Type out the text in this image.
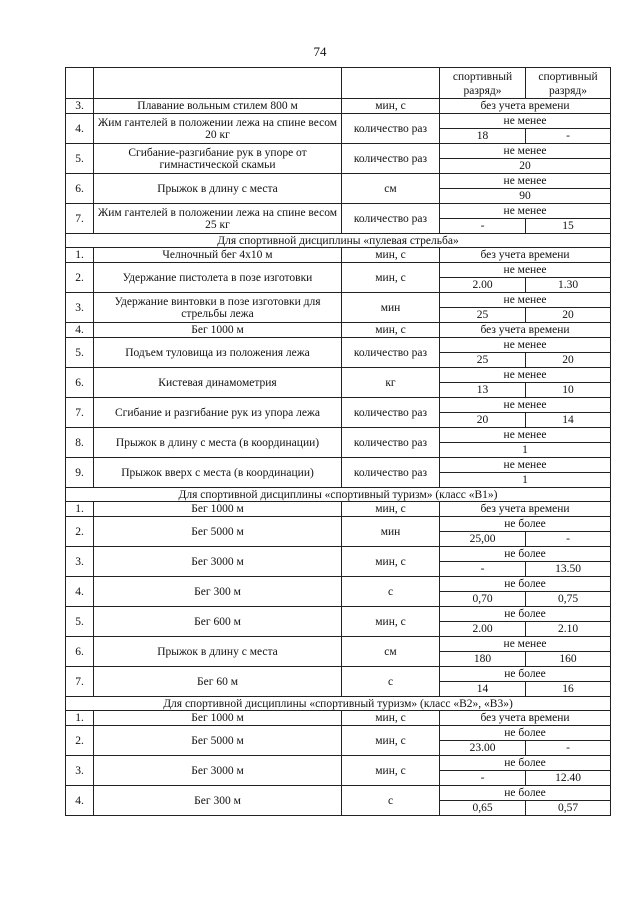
74
			спортивный разряд»	спортивный разряд»
3.	Плавание вольным стилем 800 м	мин, с	без учета времени	
4.	Жим гантелей в положении лежа на спине весом 20 кг	количество раз	не менее	
			18	-
5.	Сгибание-разгибание рук в упоре от гимнастической скамьи	количество раз	не менее	
			20	
6.	Прыжок в длину с места	см	не менее	
			90	
7.	Жим гантелей в положении лежа на спине весом 25 кг	количество раз	не менее	
			-	15
Для спортивной дисциплины «пулевая стрельба»				
1.	Челночный бег 4x10 м	мин, с	без учета времени	
2.	Удержание пистолета в позе изготовки	мин, с	не менее	
			2.00	1.30
3.	Удержание винтовки в позе изготовки для стрельбы лежа	мин	не менее	
			25	20
4.	Бег 1000 м	мин, с	без учета времени	
5.	Подъем туловища из положения лежа	количество раз	не менее	
			25	20
6.	Кистевая динамометрия	кг	не менее	
			13	10
7.	Сгибание и разгибание рук из упора лежа	количество раз	не менее	
			20	14
8.	Прыжок в длину с места (в координации)	количество раз	не менее	
			1	
9.	Прыжок вверх с места (в координации)	количество раз	не менее	
			1	
Для спортивной дисциплины «спортивный туризм» (класс «В1»)				
1.	Бег 1000 м	мин, с	без учета времени	
2.	Бег 5000 м	мин	не более	
			25,00	-
3.	Бег 3000 м	мин, с	не более	
			-	13.50
4.	Бег 300 м	с	не более	
			0,70	0,75
5.	Бег 600 м	мин, с	не более	
			2.00	2.10
6.	Прыжок в длину с места	см	не менее	
			180	160
7.	Бег 60 м	с	не более	
			14	16
Для спортивной дисциплины «спортивный туризм» (класс «В2», «В3»)				
1.	Бег 1000 м	мин, с	без учета времени	
2.	Бег 5000 м	мин, с	не более	
			23.00	-
3.	Бег 3000 м	мин, с	не более	
			-	12.40
4.	Бег 300 м	с	не более	
			0,65	0,57
